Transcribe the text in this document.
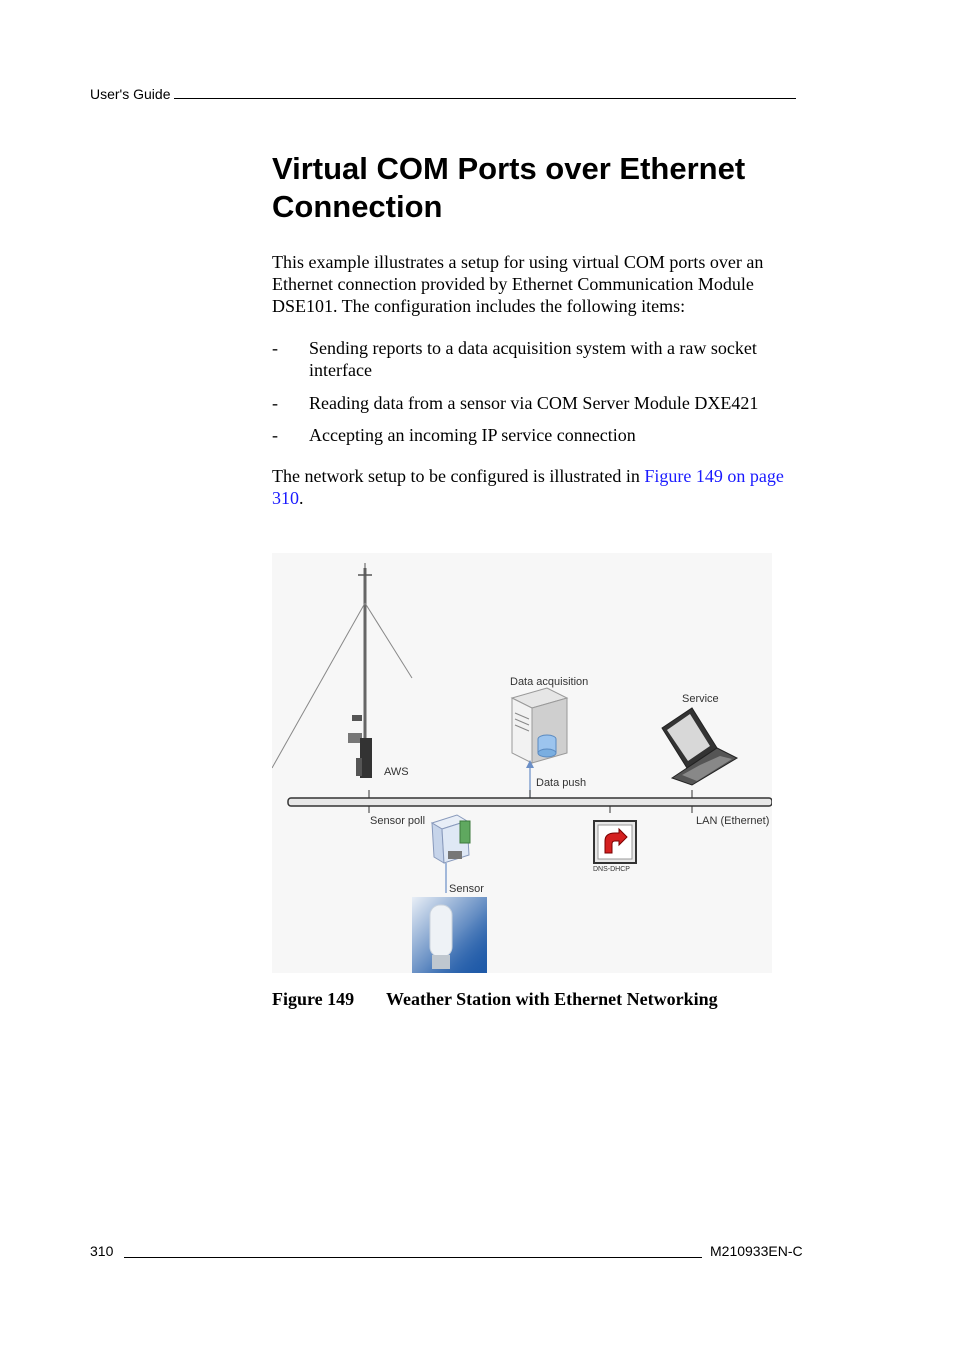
User's Guide
Virtual COM Ports over Ethernet Connection

This example illustrates a setup for using virtual COM ports over an Ethernet connection provided by Ethernet Communication Module DSE101. The configuration includes the following items:

- Sending reports to a data acquisition system with a raw socket interface
- Reading data from a sensor via COM Server Module DXE421
- Accepting an incoming IP service connection

The network setup to be configured is illustrated in Figure 149 on page 310.

AWS
Data acquisition
Data push
Service
Sensor poll	LAN (Ethernet)
Sensor
DNS-DHCP
Figure 149 Weather Station with Ethernet Networking
310	M210933EN-C
